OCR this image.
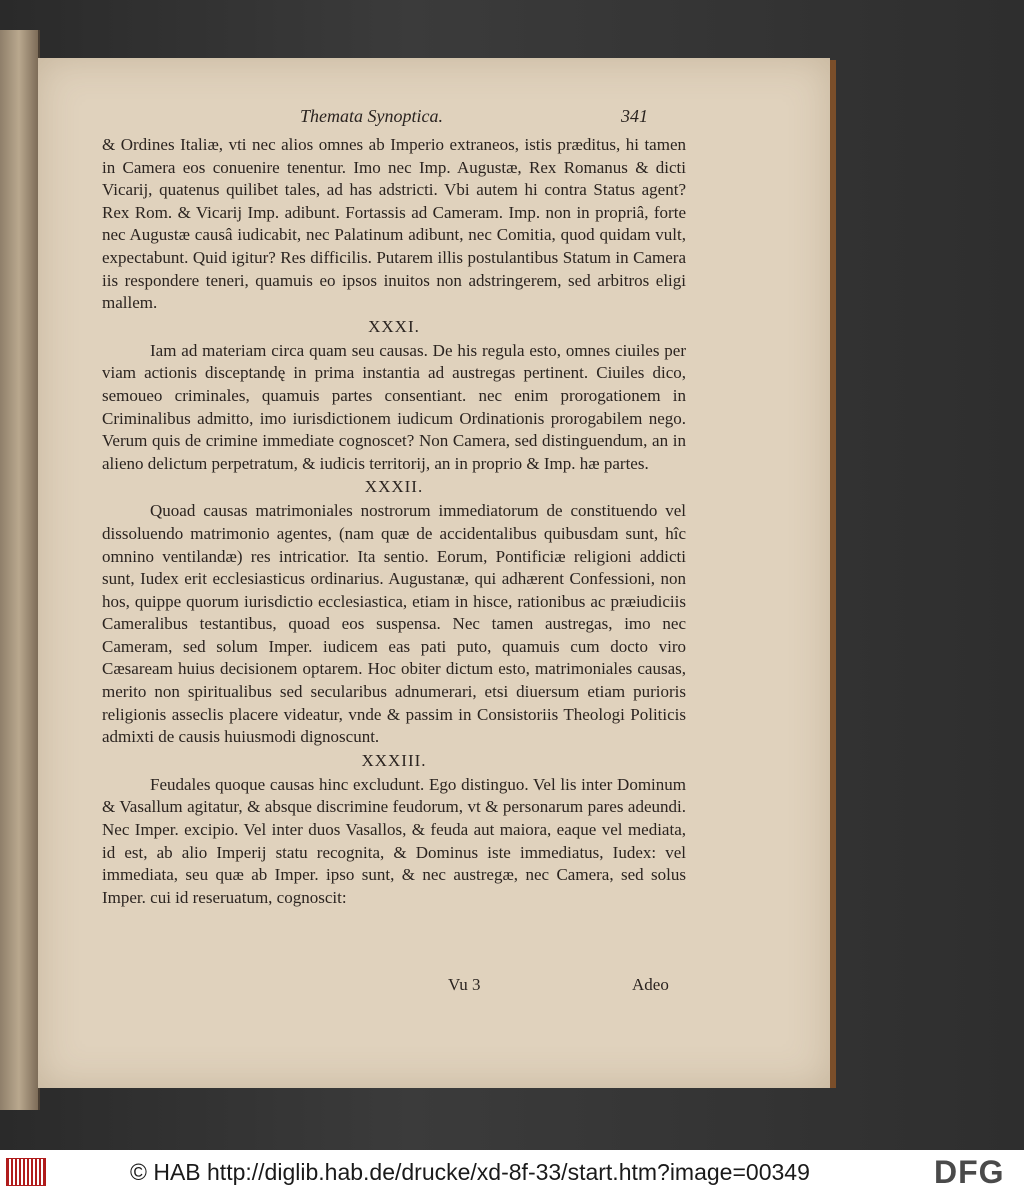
Themata Synoptica.	341

& Ordines Italiæ, vti nec alios omnes ab Imperio extraneos, istis præditus, hi tamen in Camera eos conuenire tenentur. Imo nec Imp. Augustæ, Rex Romanus & dicti Vicarij, quatenus quilibet tales, ad has adstricti. Vbi autem hi contra Status agent? Rex Rom. & Vicarij Imp. adibunt. Fortassis ad Cameram. Imp. non in propriâ, forte nec Augustæ causâ iudicabit, nec Palatinum adibunt, nec Comitia, quod quidam vult, expectabunt. Quid igitur? Res difficilis. Putarem illis postulantibus Statum in Camera iis respondere teneri, quamuis eo ipsos inuitos non adstringerem, sed arbitros eligi mallem.

XXXI.

Iam ad materiam circa quam seu causas. De his regula esto, omnes ciuiles per viam actionis disceptandę in prima instantia ad austregas pertinent. Ciuiles dico, semoueo criminales, quamuis partes consentiant. nec enim prorogationem in Criminalibus admitto, imo iurisdictionem iudicum Ordinationis prorogabilem nego. Verum quis de crimine immediate cognoscet? Non Camera, sed distinguendum, an in alieno delictum perpetratum, & iudicis territorij, an in proprio & Imp. hæ partes.

XXXII.

Quoad causas matrimoniales nostrorum immediatorum de constituendo vel dissoluendo matrimonio agentes, (nam quæ de accidentalibus quibusdam sunt, hîc omnino ventilandæ) res intricatior. Ita sentio. Eorum, Pontificiæ religioni addicti sunt, Iudex erit ecclesiasticus ordinarius. Augustanæ, qui adhærent Confessioni, non hos, quippe quorum iurisdictio ecclesiastica, etiam in hisce, rationibus ac præiudiciis Cameralibus testantibus, quoad eos suspensa. Nec tamen austregas, imo nec Cameram, sed solum Imper. iudicem eas pati puto, quamuis cum docto viro Cæsaream huius decisionem optarem. Hoc obiter dictum esto, matrimoniales causas, merito non spiritualibus sed secularibus adnumerari, etsi diuersum etiam purioris religionis asseclis placere videatur, vnde & passim in Consistoriis Theologi Politicis admixti de causis huiusmodi dignoscunt.

XXXIII.

Feudales quoque causas hinc excludunt. Ego distinguo. Vel lis inter Dominum & Vasallum agitatur, & absque discrimine feudorum, vt & personarum pares adeundi. Nec Imper. excipio. Vel inter duos Vasallos, & feuda aut maiora, eaque vel mediata, id est, ab alio Imperij statu recognita, & Dominus iste immediatus, Iudex: vel immediata, seu quæ ab Imper. ipso sunt, & nec austregæ, nec Camera, sed solus Imper. cui id reseruatum, cognoscit:

Vu 3	Adeo
© HAB http://diglib.hab.de/drucke/xd-8f-33/start.htm?image=00349	DFG
